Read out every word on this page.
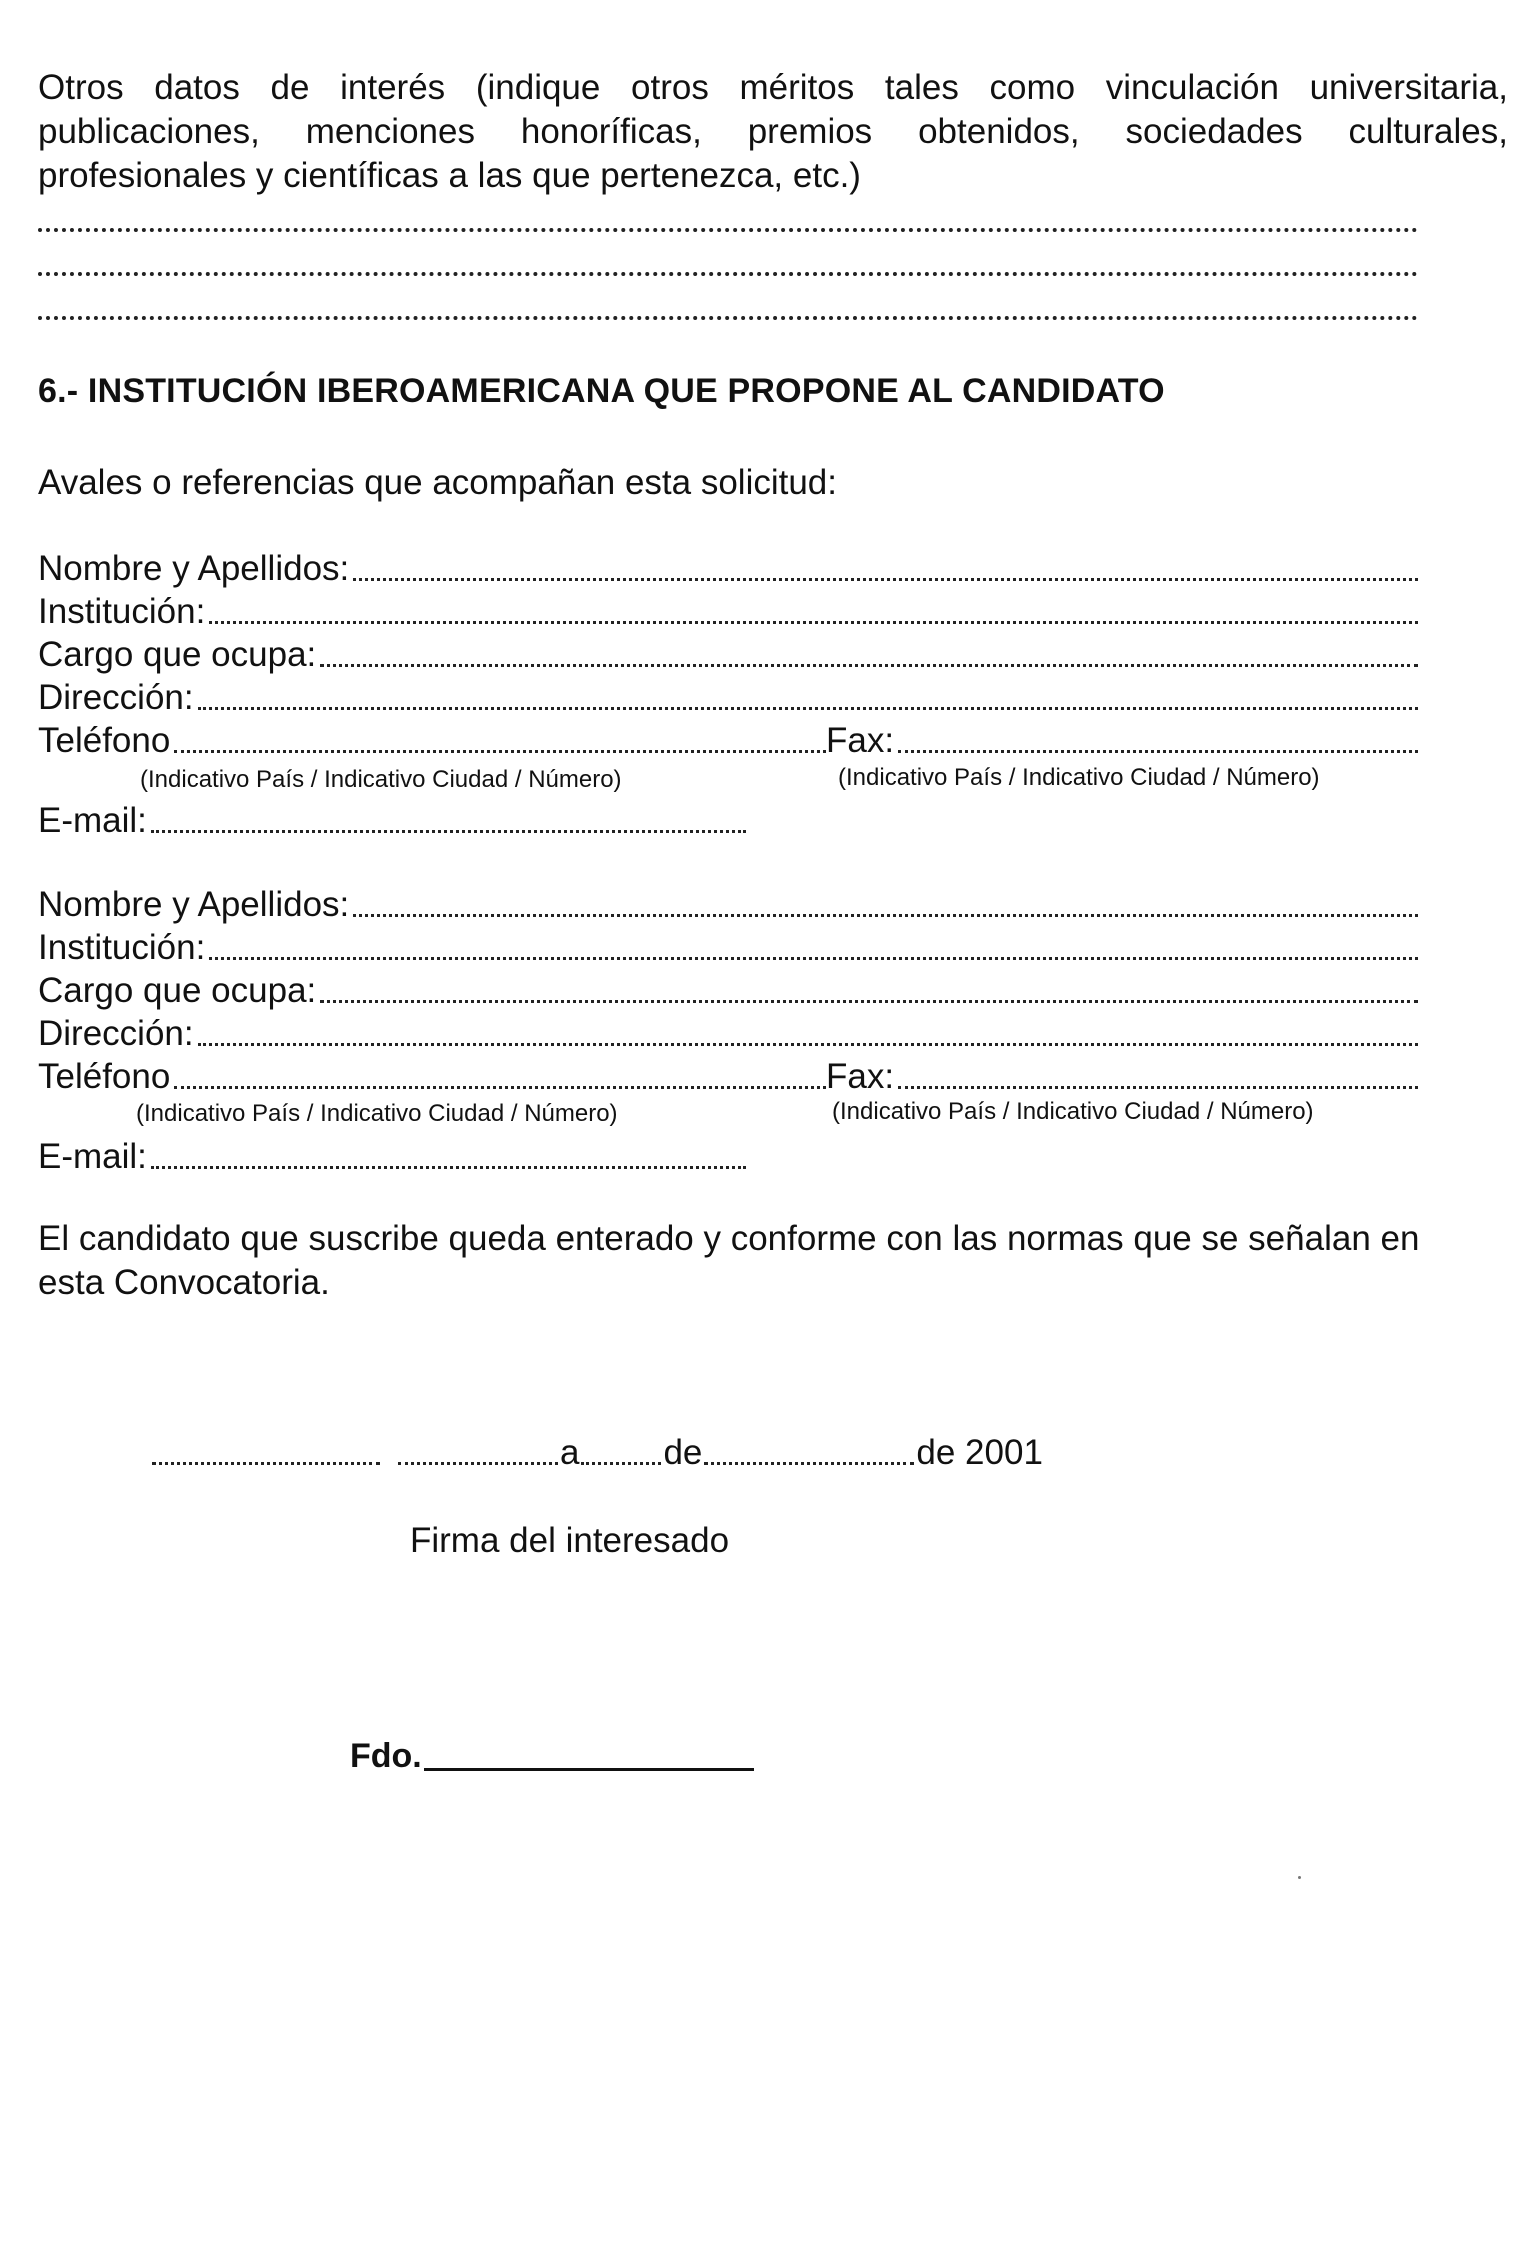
Otros datos de interés (indique otros méritos tales como vinculación universitaria, publicaciones, menciones honoríficas, premios obtenidos, sociedades culturales, profesionales y científicas a las que pertenezca, etc.)

6.- INSTITUCIÓN IBEROAMERICANA QUE PROPONE AL CANDIDATO

Avales o referencias que acompañan esta solicitud:

Nombre y Apellidos:
Institución:
Cargo que ocupa:
Dirección:
Teléfono	Fax:
(Indicativo País / Indicativo Ciudad / Número)	(Indicativo País / Indicativo Ciudad / Número)
E-mail:
Nombre y Apellidos:
Institución:
Cargo que ocupa:
Dirección:
Teléfono	Fax:
(Indicativo País / Indicativo Ciudad / Número)	(Indicativo País / Indicativo Ciudad / Número)
E-mail:

El candidato que suscribe queda enterado y conforme con las normas que se señalan en

esta Convocatoria.

a de	de 2001
Firma del interesado
Fdo.
